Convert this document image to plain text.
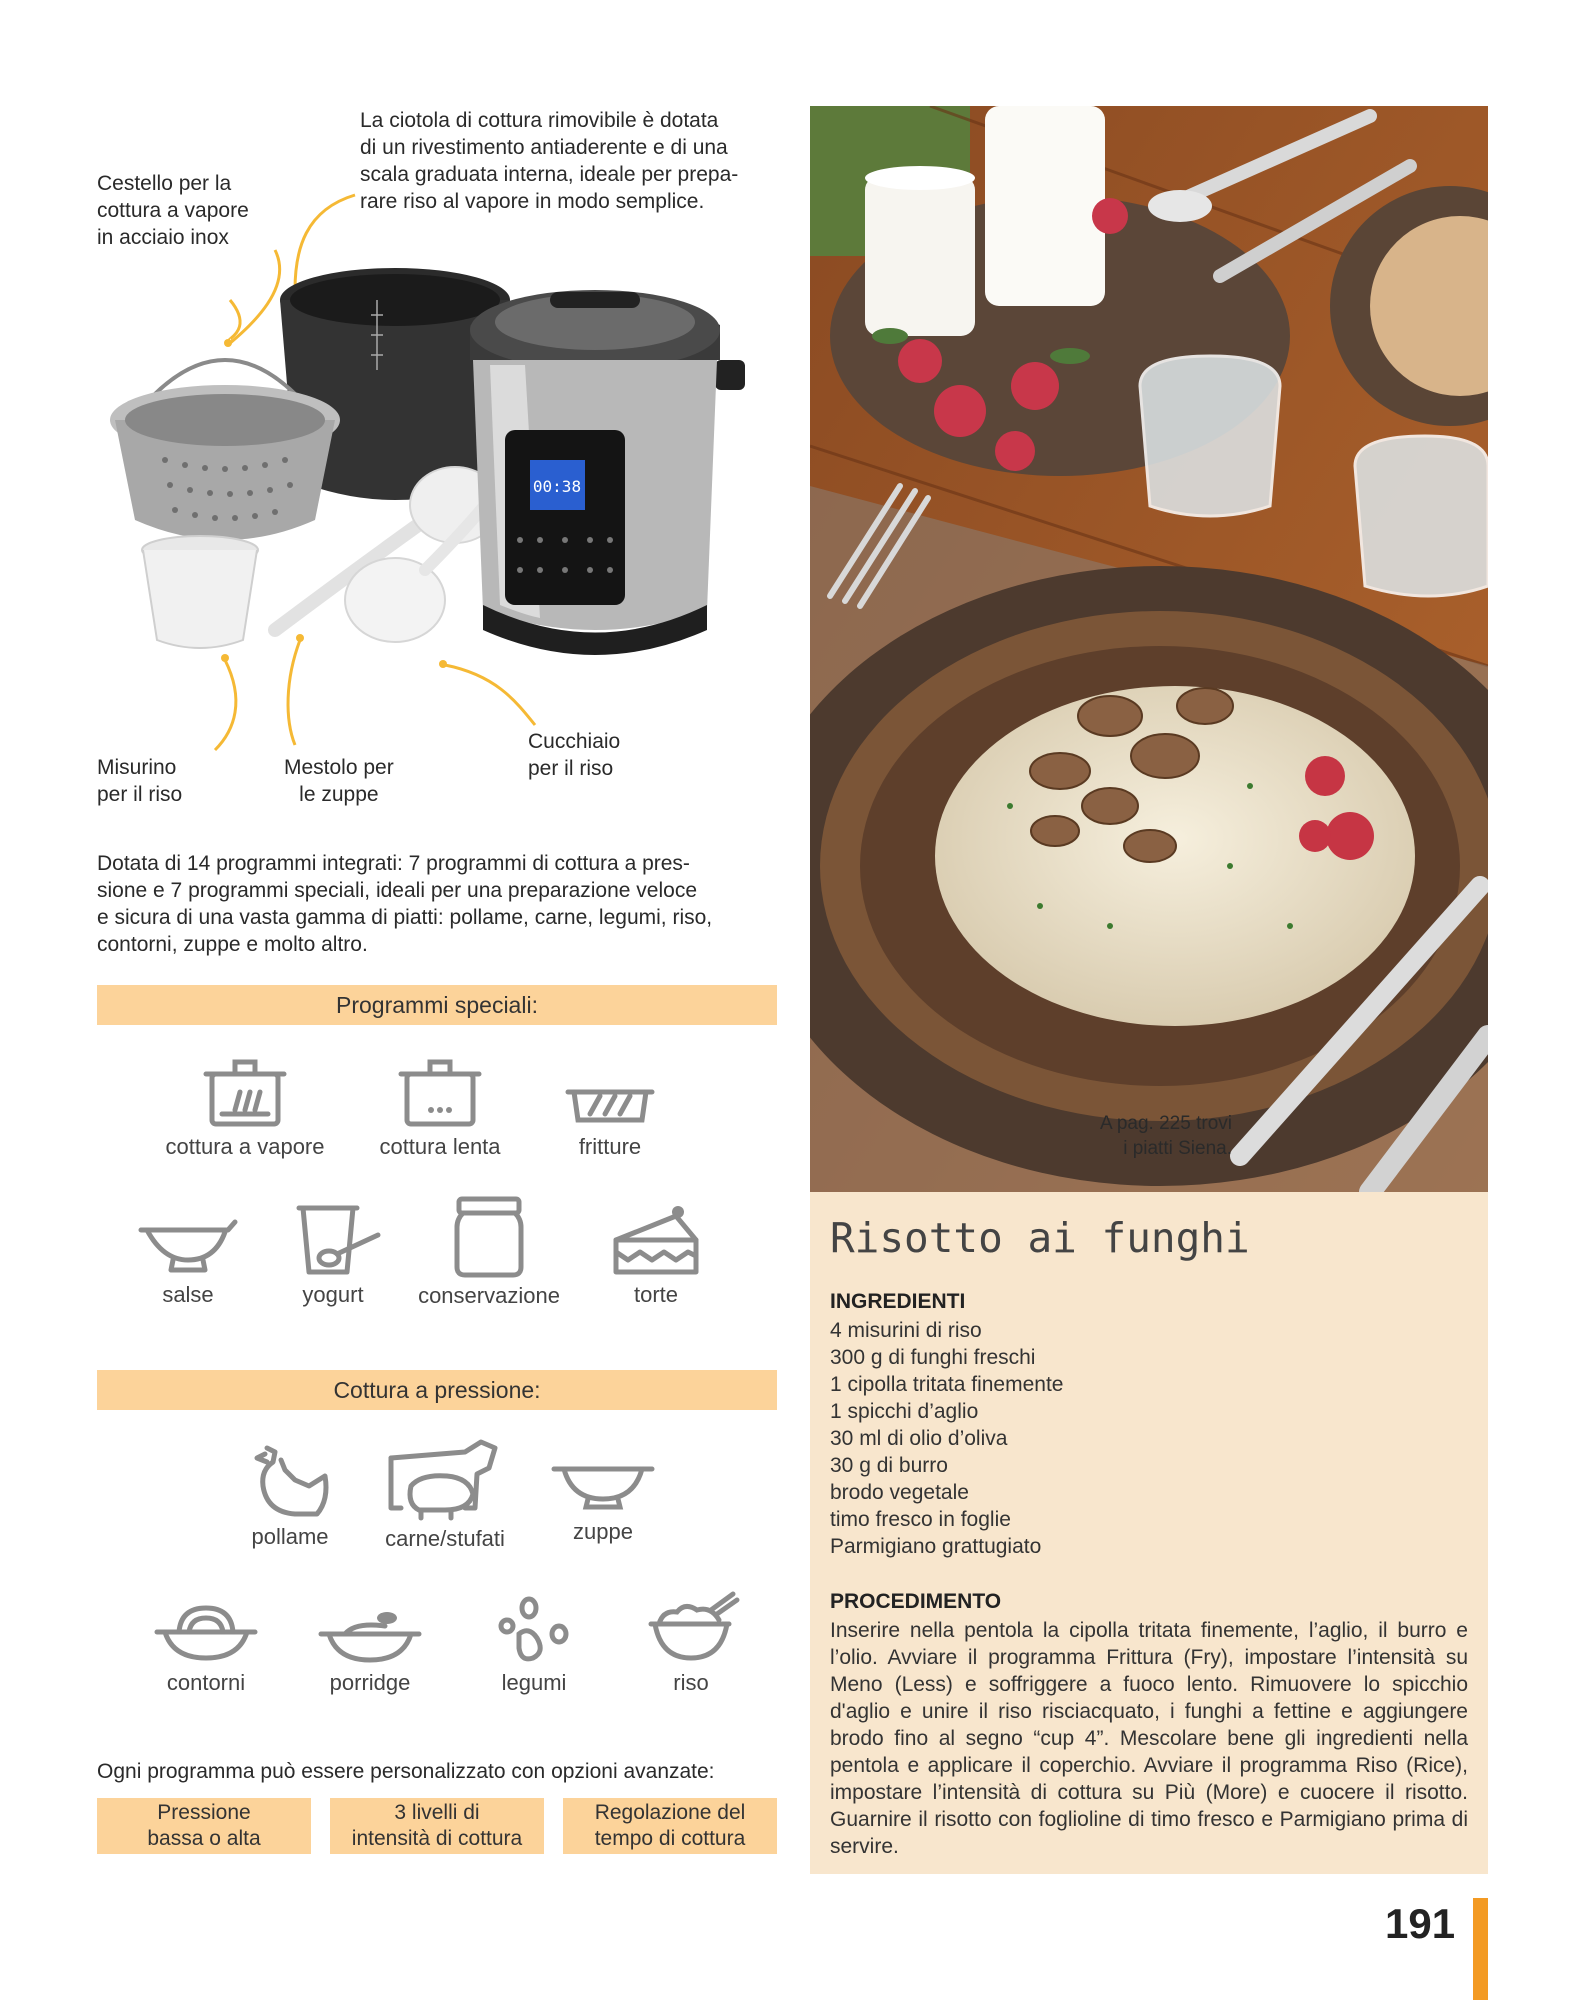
Cestello per la
cottura a vapore
in acciaio inox
La ciotola di cottura rimovibile è dotata
di un rivestimento antiaderente e di una
scala graduata interna, ideale per prepa-
rare riso al vapore in modo semplice.
Misurino
per il riso
Mestolo per
le zuppe
Cucchiaio
per il riso
00:38
Dotata di 14 programmi integrati: 7 programmi di cottura a pres-
sione e 7 programmi speciali, ideali per una preparazione veloce
e sicura di una vasta gamma di piatti: pollame, carne, legumi, riso,
contorni, zuppe e molto altro.
Programmi speciali:
cottura a vapore	cottura lenta	fritture
salse	yogurt	conservazione	torte
Cottura a pressione:
pollame	carne/stufati	zuppe
contorni	porridge	legumi	riso
Ogni programma può essere personalizzato con opzioni avanzate:
Pressione
bassa o alta
3 livelli di
intensità di cottura
Regolazione del
tempo di cottura
A pag. 225 trovi
i piatti Siena.
Risotto ai funghi
INGREDIENTI
4 misurini di riso
300 g di funghi freschi
1 cipolla tritata finemente
1 spicchi d’aglio
30 ml di olio d’oliva
30 g di burro
brodo vegetale
timo fresco in foglie
Parmigiano grattugiato
PROCEDIMENTO
Inserire nella pentola la cipolla tritata finemente, l’aglio, il burro e l’olio. Avviare il programma Frittura (Fry), impostare l’intensità su Meno (Less) e soffriggere a fuoco lento. Rimuovere lo spicchio d'aglio e unire il riso risciacquato, i funghi a fettine e aggiungere brodo fino al segno “cup 4”. Mescolare bene gli ingredienti nella pentola e applicare il coperchio. Avviare il programma Riso (Rice), impostare l’intensità di cottura su Più (More) e cuocere il risotto. Guarnire il risotto con foglioline di timo fresco e Parmigiano prima di servire.
191
